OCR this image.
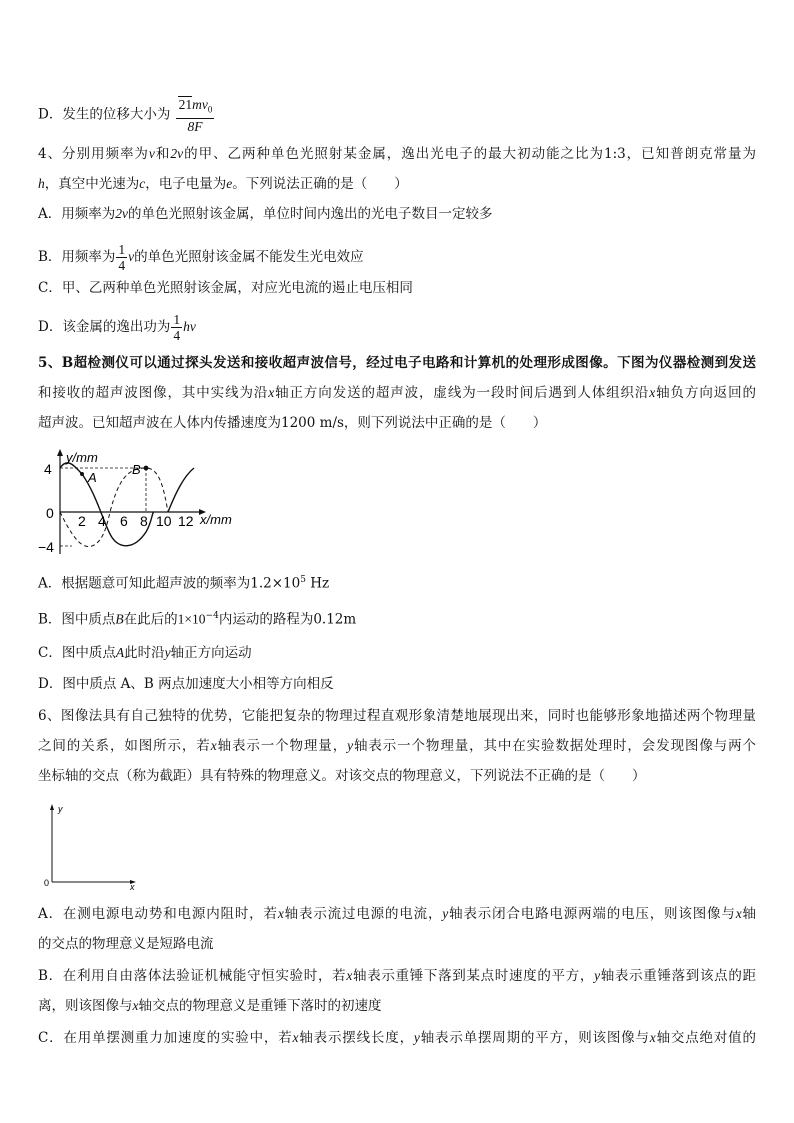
D．发生的位移大小为 $\frac{21mv_0}{8F}$
4、分别用频率为ν和2ν的甲、乙两种单色光照射某金属，逸出光电子的最大初动能之比为1:3，已知普朗克常量为
h，真空中光速为c，电子电量为e。下列说法正确的是（　　）
A．用频率为2ν的单色光照射该金属，单位时间内逸出的光电子数目一定较多
B．用频率为 $\frac{1}{4}$ ν的单色光照射该金属不能发生光电效应
C．甲、乙两种单色光照射该金属，对应光电流的遏止电压相同
D．该金属的逸出功为 $\frac{1}{4}$ hν
5、B超检测仪可以通过探头发送和接收超声波信号，经过电子电路和计算机的处理形成图像。下图为仪器检测到发送
和接收的超声波图像，其中实线为沿x轴正方向发送的超声波，虚线为一段时间后遇到人体组织沿x轴负方向返回的
超声波。已知超声波在人体内传播速度为1200 m/s，则下列说法中正确的是（　　）
y/mm
A
B
4
0
−4
2 4 6 8 10 12 x/mm
A．根据题意可知此超声波的频率为$1.2\times 10^5$ Hz
B．图中质点B在此后的$1\times 10^{-4}$内运动的路程为0.12m
C．图中质点A此时沿y轴正方向运动
D．图中质点 A、B 两点加速度大小相等方向相反
6、图像法具有自己独特的优势，它能把复杂的物理过程直观形象清楚地展现出来，同时也能够形象地描述两个物理量
之间的关系，如图所示，若x轴表示一个物理量，y轴表示一个物理量，其中在实验数据处理时，会发现图像与两个
坐标轴的交点（称为截距）具有特殊的物理意义。对该交点的物理意义，下列说法不正确的是（　　）
y
0	x
A．在测电源电动势和电源内阻时，若x轴表示流过电源的电流，y轴表示闭合电路电源两端的电压，则该图像与x轴
的交点的物理意义是短路电流
B．在利用自由落体法验证机械能守恒实验时，若x轴表示重锤下落到某点时速度的平方，y轴表示重锤落到该点的距
离，则该图像与x轴交点的物理意义是重锤下落时的初速度
C．在用单摆测重力加速度的实验中，若x轴表示摆线长度，y轴表示单摆周期的平方，则该图像与x轴交点绝对值的
